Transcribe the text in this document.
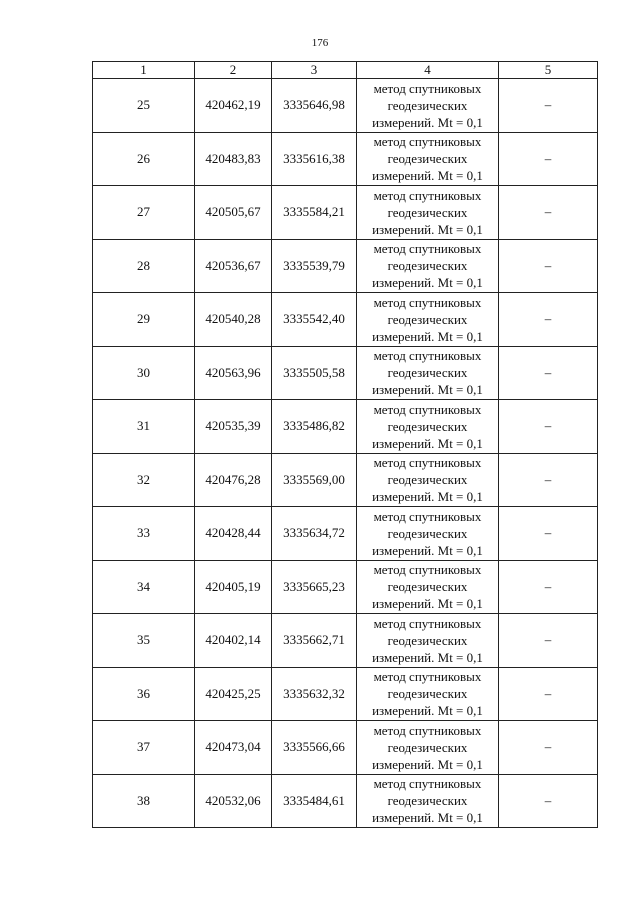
176
1	2	3	4	5
25	420462,19	3335646,98	метод спутниковых
геодезических
измерений. Mt = 0,1	–
26	420483,83	3335616,38	метод спутниковых
геодезических
измерений. Mt = 0,1	–
27	420505,67	3335584,21	метод спутниковых
геодезических
измерений. Mt = 0,1	–
28	420536,67	3335539,79	метод спутниковых
геодезических
измерений. Mt = 0,1	–
29	420540,28	3335542,40	метод спутниковых
геодезических
измерений. Mt = 0,1	–
30	420563,96	3335505,58	метод спутниковых
геодезических
измерений. Mt = 0,1	–
31	420535,39	3335486,82	метод спутниковых
геодезических
измерений. Mt = 0,1	–
32	420476,28	3335569,00	метод спутниковых
геодезических
измерений. Mt = 0,1	–
33	420428,44	3335634,72	метод спутниковых
геодезических
измерений. Mt = 0,1	–
34	420405,19	3335665,23	метод спутниковых
геодезических
измерений. Mt = 0,1	–
35	420402,14	3335662,71	метод спутниковых
геодезических
измерений. Mt = 0,1	–
36	420425,25	3335632,32	метод спутниковых
геодезических
измерений. Mt = 0,1	–
37	420473,04	3335566,66	метод спутниковых
геодезических
измерений. Mt = 0,1	–
38	420532,06	3335484,61	метод спутниковых
геодезических
измерений. Mt = 0,1	–
